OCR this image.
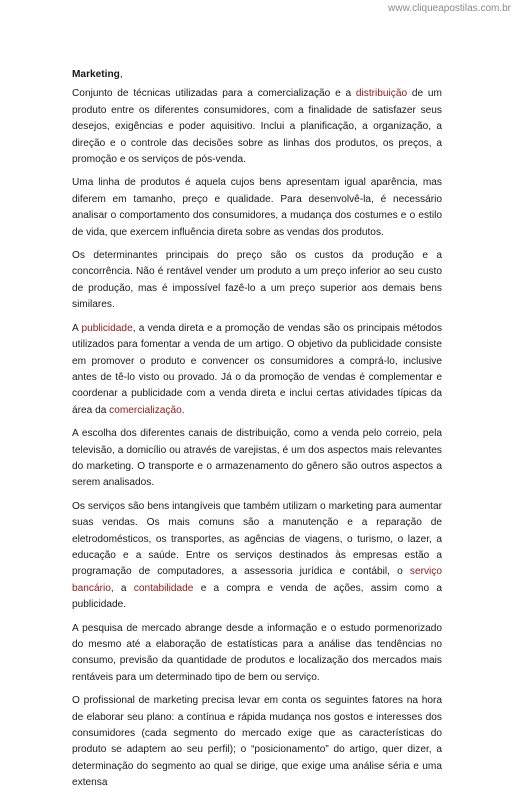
www.cliqueapostilas.com.br
Marketing,

Conjunto de técnicas utilizadas para a comercialização e a distribuição de um produto entre os diferentes consumidores, com a finalidade de satisfazer seus desejos, exigências e poder aquisitivo. Inclui a planificação, a organização, a direção e o controle das decisões sobre as linhas dos produtos, os preços, a promoção e os serviços de pós-venda.

Uma linha de produtos é aquela cujos bens apresentam igual aparência, mas diferem em tamanho, preço e qualidade. Para desenvolvê-la, é necessário analisar o comportamento dos consumidores, a mudança dos costumes e o estilo de vida, que exercem influência direta sobre as vendas dos produtos.

Os determinantes principais do preço são os custos da produção e a concorrência. Não é rentável vender um produto a um preço inferior ao seu custo de produção, mas é impossível fazê-lo a um preço superior aos demais bens similares.

A publicidade, a venda direta e a promoção de vendas são os principais métodos utilizados para fomentar a venda de um artigo. O objetivo da publicidade consiste em promover o produto e convencer os consumidores a comprá-lo, inclusive antes de tê-lo visto ou provado. Já o da promoção de vendas é complementar e coordenar a publicidade com a venda direta e inclui certas atividades típicas da área da comercialização.

A escolha dos diferentes canais de distribuição, como a venda pelo correio, pela televisão, a domicílio ou através de varejistas, é um dos aspectos mais relevantes do marketing. O transporte e o armazenamento do gênero são outros aspectos a serem analisados.

Os serviços são bens intangíveis que também utilizam o marketing para aumentar suas vendas. Os mais comuns são a manutenção e a reparação de eletrodomésticos, os transportes, as agências de viagens, o turismo, o lazer, a educação e a saúde. Entre os serviços destinados às empresas estão a programação de computadores, a assessoria jurídica e contábil, o serviço bancário, a contabilidade e a compra e venda de ações, assim como a publicidade.

A pesquisa de mercado abrange desde a informação e o estudo pormenorizado do mesmo até a elaboração de estatísticas para a análise das tendências no consumo, previsão da quantidade de produtos e localização dos mercados mais rentáveis para um determinado tipo de bem ou serviço.

O profissional de marketing precisa levar em conta os seguintes fatores na hora de elaborar seu plano: a contínua e rápida mudança nos gostos e interesses dos consumidores (cada segmento do mercado exige que as características do produto se adaptem ao seu perfil); o “posicionamento” do artigo, quer dizer, a determinação do segmento ao qual se dirige, que exige uma análise séria e uma extensa
